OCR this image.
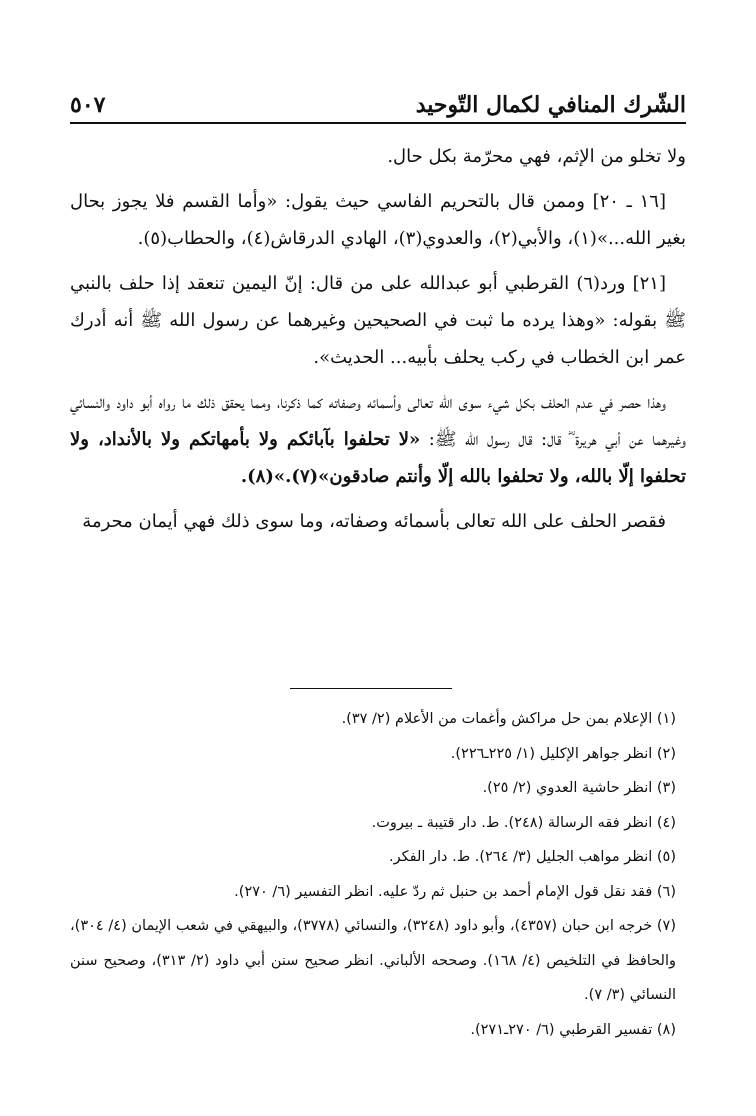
٥٠٧	الشّرك المنافي لكمال التّوحيد

ولا تخلو من الإثم، فهي محرّمة بكل حال.

[١٦ ـ ٢٠] وممن قال بالتحريم الفاسي حيث يقول: «وأما القسم فلا يجوز بحال بغير الله...»(١)، والأبي(٢)، والعدوي(٣)، الهادي الدرقاش(٤)، والحطاب(٥).

[٢١] ورد(٦) القرطبي أبو عبدالله على من قال: إنّ اليمين تنعقد إذا حلف بالنبي ﷺ بقوله: «وهذا يرده ما ثبت في الصحيحين وغيرهما عن رسول الله ﷺ أنه أدرك عمر ابن الخطاب في ركب يحلف بأبيه... الحديث».

وهذا حصر في عدم الحلف بكل شيء سوى الله تعالى وأسمائه وصفاته كما ذكرنا، ومما يحقق ذلك ما رواه أبو داود والنسائي وغيرهما عن أبي هريرة ؓ قال: قال رسول الله ﷺ: «لا تحلفوا بآبائكم ولا بأمهاتكم ولا بالأنداد، ولا تحلفوا إلّا بالله، ولا تحلفوا بالله إلّا وأنتم صادقون»(٧).»(٨).

فقصر الحلف على الله تعالى بأسمائه وصفاته، وما سوى ذلك فهي أيمان محرمة

(١) الإعلام بمن حل مراكش وأغمات من الأعلام (٢/ ٣٧).

(٢) انظر جواهر الإكليل (١/ ٢٢٥ـ٢٢٦).

(٣) انظر حاشية العدوي (٢/ ٢٥).

(٤) انظر فقه الرسالة (٢٤٨). ط. دار قتيبة ـ بيروت.

(٥) انظر مواهب الجليل (٣/ ٢٦٤). ط. دار الفكر.

(٦) فقد نقل قول الإمام أحمد بن حنبل ثم ردّ عليه. انظر التفسير (٦/ ٢٧٠).

(٧) خرجه ابن حبان (٤٣٥٧)، وأبو داود (٣٢٤٨)، والنسائي (٣٧٧٨)، والبيهقي في شعب الإيمان (٤/ ٣٠٤)، والحافظ في التلخيص (٤/ ١٦٨). وصححه الألباني. انظر صحيح سنن أبي داود (٢/ ٣١٣)، وصحيح سنن النسائي (٣/ ٧).

(٨) تفسير القرطبي (٦/ ٢٧٠ـ٢٧١).
